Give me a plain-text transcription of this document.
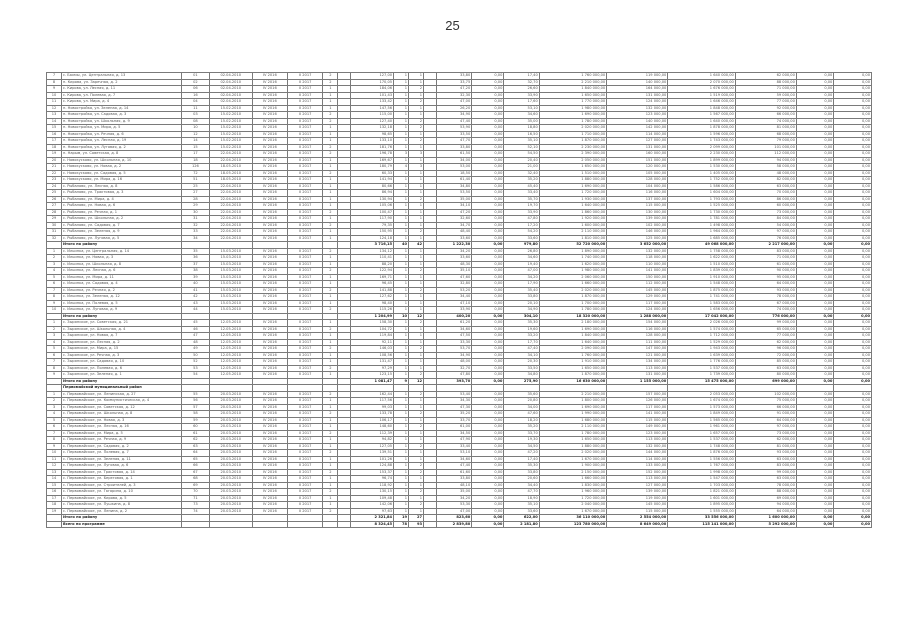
25
7	с. Бахмы, ул. Центральная, д. 13	01	02.04.2010	IV 2016	II 2017	2		127,00	1	1		33,80	0,00	17,40	1 760 000,00	119 000,00	1 640 000,00	62 000,00	0,00	0,00
8	п. Кирова, ул. Заречная, д. 2	02	02.04.2010	IV 2016	II 2017	2		170,05	1	1		33,75	0,00	32,70	2 210 000,00	140 000,00	2 070 000,00	88 000,00	0,00	0,00
9	с. Кирова, ул. Лесная, д. 11	06	02.04.2010	IV 2016	II 2017	1		184,06	1	2		47,20	0,00	26,60	1 840 000,00	164 000,00	1 676 000,00	71 000,00	0,00	0,00
10	с. Кирова, ул. Полевая, д. 7	16	02.04.2010	IV 2016	II 2017	1		101,43	1	1		32,30	0,00	33,90	1 650 000,00	131 000,00	1 519 000,00	59 000,00	0,00	0,00
11	с. Кирова, ул. Мира, д. 4	04	02.04.2010	IV 2016	II 2017	1		133,42	1	2		47,00	0,00	17,60	1 770 000,00	124 000,00	1 646 000,00	77 000,00	0,00	0,00
12	п. Новостройка, ул. Зеленая, д. 14	11	15.02.2010	IV 2016	II 2017	1		147,56	1	1		26,20	0,00	53,10	1 980 000,00	132 000,00	1 848 000,00	92 000,00	0,00	0,00
13	п. Новостройка, ул. Садовая, д. 3	03	15.02.2010	IV 2016	II 2017	2		115,00	1	1		34,90	0,00	34,60	1 690 000,00	123 000,00	1 567 000,00	66 000,00	0,00	0,00
14	п. Новостройка, ул. Школьная, д. 9	08	15.02.2010	IV 2016	II 2017	2		127,40	1	2		47,40	0,00	35,00	1 780 000,00	140 000,00	1 640 000,00	74 000,00	0,00	0,00
15	п. Новостройка, ул. Мира, д. 5	10	15.02.2010	IV 2016	II 2017	1		132,18	1	2		53,90	0,00	18,80	2 020 000,00	142 000,00	1 878 000,00	81 000,00	0,00	0,00
16	п. Новостройка, ул. Речная, д. 6	12	15.02.2010	IV 2016	II 2017	1		98,65	1	1		33,50	0,00	16,50	1 710 000,00	114 000,00	1 596 000,00	68 000,00	0,00	0,00
17	п. Новостройка, ул. Лесная, д. 19	14	15.02.2010	IV 2016	II 2017	1		133,10	1	2		47,70	0,00	35,10	1 870 000,00	127 000,00	1 743 000,00	79 000,00	0,00	0,00
18	п. Новостройка, ул. Луговая, д. 2	15	15.02.2010	IV 2016	II 2017	2		181,76	1	1		33,80	0,00	52,10	2 230 000,00	131 000,00	2 099 000,00	101 000,00	0,00	0,00
19	п. Нарым, ул. Советская, д. 8	17	22.04.2010	IV 2016	II 2017	2		196,78	3	3		61,50	0,00	54,50	2 390 000,00	160 000,00	2 230 000,00	112 000,00	0,00	0,00
20	с. Новокусково, ул. Школьная, д. 10	18	22.04.2010	IV 2016	II 2017	1		169,67	1	1		34,00	0,00	20,40	2 050 000,00	151 000,00	1 899 000,00	94 000,00	0,00	0,00
21	с. Новокусково, ул. Новая, д. 2	126	18.05.2010	IV 2016	II 2017	1		180,79	4	3		53,00	0,00	21,00	1 650 000,00	120 000,00	1 530 000,00	58 000,00	0,00	0,00
22	с. Новокусково, ул. Садовая, д. 5	72	18.05.2010	IV 2016	II 2017	2		60,33	1	1		18,50	0,00	32,40	1 510 000,00	105 000,00	1 405 000,00	48 000,00	0,00	0,00
23	с. Новокусково, ул. Мира, д. 16	51	18.05.2010	IV 2016	II 2017	1		141,94	1	1		61,40	0,00	35,20	1 880 000,00	128 000,00	1 752 000,00	82 000,00	0,00	0,00
24	с. Рыбалово, ул. Лесная, д. 8	25	22.04.2010	IV 2016	II 2017	1		80,66	1	1		34,80	0,00	45,40	1 690 000,00	104 000,00	1 586 000,00	63 000,00	0,00	0,00
25	с. Рыбалово, ул. Трактовая, д. 3	27	22.04.2010	IV 2016	II 2017	1		86,94	1	1		53,50	0,00	33,40	1 720 000,00	116 000,00	1 604 000,00	70 000,00	0,00	0,00
26	с. Рыбалово, ул. Мира, д. 4	28	22.04.2010	IV 2016	II 2017	1		130,94	1	2		35,00	0,00	35,70	1 930 000,00	137 000,00	1 793 000,00	86 000,00	0,00	0,00
27	с. Рыбалово, ул. Новая, д. 6	29	22.04.2010	IV 2016	II 2017	1		105,06	1	1		34,10	0,00	19,70	1 640 000,00	115 000,00	1 525 000,00	60 000,00	0,00	0,00
28	с. Рыбалово, ул. Речная, д. 1	30	22.04.2010	IV 2016	II 2017	2		100,47	1	1		47,20	0,00	33,90	1 860 000,00	130 000,00	1 730 000,00	73 000,00	0,00	0,00
29	с. Рыбалово, ул. Школьная, д. 2	31	22.04.2010	IV 2016	II 2017	1		117,90	1	1		32,60	0,00	47,80	1 920 000,00	139 000,00	1 781 000,00	84 000,00	0,00	0,00
30	с. Рыбалово, ул. Садовая, д. 7	32	22.04.2010	IV 2016	II 2017	2		79,35	1	1		34,70	0,00	17,20	1 600 000,00	102 000,00	1 498 000,00	54 000,00	0,00	0,00
31	с. Рыбалово, ул. Зеленая, д. 9	33	22.04.2010	IV 2016	II 2017	1		150,95	1	2		48,40	0,00	54,20	2 110 000,00	146 000,00	1 964 000,00	97 000,00	0,00	0,00
32	с. Рыбалово, ул. Луговая, д. 5	34	22.04.2010	IV 2016	II 2017	1		124,18	1	1		33,60	0,00	33,60	1 810 000,00	125 000,00	1 685 000,00	76 000,00	0,00	0,00
	Итого по району							3 716,15	40	42		1 222,30	0,00	979,80	52 720 000,00	3 652 000,00	49 068 000,00	2 217 000,00	0,00	0,00
1	с. Ильинка, ул. Центральная, д. 14	35	15.03.2010	IV 2016	II 2017	2		134,12	1	1		34,20	0,00	26,80	1 890 000,00	132 000,00	1 758 000,00	83 000,00	0,00	0,00
2	с. Ильинка, ул. Новая, д. 3	36	15.03.2010	IV 2016	II 2017	1		110,41	1	1		33,60	0,00	34,60	1 740 000,00	118 000,00	1 622 000,00	71 000,00	0,00	0,00
3	с. Ильинка, ул. Школьная, д. 8	37	15.03.2010	IV 2016	II 2017	1		88,20	1	1		48,30	0,00	19,40	1 620 000,00	110 000,00	1 510 000,00	61 000,00	0,00	0,00
4	с. Ильинка, ул. Лесная, д. 6	38	15.03.2010	IV 2016	II 2017	2		122,94	1	2		35,10	0,00	47,00	1 980 000,00	141 000,00	1 839 000,00	90 000,00	0,00	0,00
5	с. Ильинка, ул. Мира, д. 11	39	15.03.2010	IV 2016	II 2017	1		169,71	1	1		47,60	0,00	34,20	2 060 000,00	150 000,00	1 910 000,00	95 000,00	0,00	0,00
6	с. Ильинка, ул. Садовая, д. 4	40	15.03.2010	IV 2016	II 2017	1		96,45	1	1		32,80	0,00	17,90	1 660 000,00	112 000,00	1 548 000,00	64 000,00	0,00	0,00
7	с. Ильинка, ул. Речная, д. 2	41	15.03.2010	IV 2016	II 2017	2		141,88	1	2		53,20	0,00	35,40	2 020 000,00	145 000,00	1 875 000,00	93 000,00	0,00	0,00
8	с. Ильинка, ул. Зеленая, д. 12	42	15.03.2010	IV 2016	II 2017	1		127,62	1	1		34,40	0,00	33,80	1 870 000,00	129 000,00	1 741 000,00	78 000,00	0,00	0,00
9	с. Ильинка, ул. Полевая, д. 5	43	15.03.2010	IV 2016	II 2017	1		98,40	1	1		47,10	0,00	20,10	1 700 000,00	117 000,00	1 583 000,00	67 000,00	0,00	0,00
10	с. Ильинка, ул. Луговая, д. 9	44	15.03.2010	IV 2016	II 2017	2		115,26	1	1		33,90	0,00	34,90	1 780 000,00	124 000,00	1 656 000,00	74 000,00	0,00	0,00
	Итого по району							1 204,99	10	12		400,20	0,00	304,10	18 320 000,00	1 288 000,00	17 042 000,00	776 000,00	0,00	0,00
1	с. Зырянское, ул. Советская, д. 21	45	12.05.2010	IV 2016	II 2017	1		158,30	1	2		61,20	0,00	35,30	2 180 000,00	154 000,00	2 026 000,00	99 000,00	0,00	0,00
2	с. Зырянское, ул. Школьная, д. 4	46	12.05.2010	IV 2016	II 2017	2		104,72	1	1		34,60	0,00	19,60	1 690 000,00	116 000,00	1 574 000,00	65 000,00	0,00	0,00
3	с. Зырянское, ул. Новая, д. 7	47	12.05.2010	IV 2016	II 2017	1		119,84	1	1		47,50	0,00	33,20	1 840 000,00	128 000,00	1 712 000,00	77 000,00	0,00	0,00
4	с. Зырянское, ул. Лесная, д. 2	48	12.05.2010	IV 2016	II 2017	1		92,11	1	1		33,30	0,00	17,70	1 640 000,00	111 000,00	1 529 000,00	62 000,00	0,00	0,00
5	с. Зырянское, ул. Мира, д. 15	49	12.05.2010	IV 2016	II 2017	2		146,03	1	2		53,70	0,00	47,40	2 090 000,00	147 000,00	1 943 000,00	96 000,00	0,00	0,00
6	с. Зырянское, ул. Речная, д. 3	50	12.05.2010	IV 2016	II 2017	1		108,56	1	1		34,90	0,00	34,10	1 760 000,00	121 000,00	1 639 000,00	72 000,00	0,00	0,00
7	с. Зырянское, ул. Садовая, д. 10	52	12.05.2010	IV 2016	II 2017	1		131,47	1	1		48,00	0,00	20,30	1 910 000,00	134 000,00	1 776 000,00	85 000,00	0,00	0,00
8	с. Зырянское, ул. Полевая, д. 6	53	12.05.2010	IV 2016	II 2017	2		97,29	1	1		32,70	0,00	33,50	1 650 000,00	113 000,00	1 537 000,00	63 000,00	0,00	0,00
9	с. Зырянское, ул. Зеленая, д. 1	54	12.05.2010	IV 2016	II 2017	1		123,15	1	2		47,80	0,00	34,80	1 870 000,00	131 000,00	1 739 000,00	80 000,00	0,00	0,00
	Итого по району							1 081,47	9	12		393,70	0,00	275,90	16 630 000,00	1 155 000,00	15 475 000,00	699 000,00	0,00	0,00
	Первомайский муниципальный район																			
1	с. Первомайское, ул. Ленинская, д. 27	55	20.03.2010	IV 2016	II 2017	2		162,44	1	2		53,40	0,00	35,60	2 210 000,00	157 000,00	2 053 000,00	102 000,00	0,00	0,00
2	с. Первомайское, ул. Коммунистическая, д. 4	56	20.03.2010	IV 2016	II 2017	1		117,56	1	1		34,30	0,00	20,80	1 800 000,00	126 000,00	1 674 000,00	75 000,00	0,00	0,00
3	с. Первомайское, ул. Советская, д. 12	57	20.03.2010	IV 2016	II 2017	1		99,03	1	1		47,30	0,00	34,00	1 690 000,00	117 000,00	1 573 000,00	66 000,00	0,00	0,00
4	с. Первомайское, ул. Школьная, д. 8	58	20.03.2010	IV 2016	II 2017	2		133,78	1	2		35,20	0,00	47,60	1 990 000,00	141 000,00	1 849 000,00	91 000,00	0,00	0,00
5	с. Первомайское, ул. Новая, д. 3	59	20.03.2010	IV 2016	II 2017	1		106,17	1	1		33,70	0,00	18,20	1 680 000,00	115 000,00	1 565 000,00	64 000,00	0,00	0,00
6	с. Первомайское, ул. Лесная, д. 16	60	20.03.2010	IV 2016	II 2017	1		148,60	1	2		61,00	0,00	35,20	2 110 000,00	149 000,00	1 961 000,00	97 000,00	0,00	0,00
7	с. Первомайское, ул. Мира, д. 5	61	20.03.2010	IV 2016	II 2017	2		112,39	1	1		34,50	0,00	33,70	1 780 000,00	123 000,00	1 657 000,00	73 000,00	0,00	0,00
8	с. Первомайское, ул. Речная, д. 9	62	20.03.2010	IV 2016	II 2017	1		94,82	1	1		47,90	0,00	19,30	1 650 000,00	113 000,00	1 537 000,00	62 000,00	0,00	0,00
9	с. Первомайское, ул. Садовая, д. 2	63	20.03.2010	IV 2016	II 2017	1		127,05	1	2		33,40	0,00	34,50	1 880 000,00	132 000,00	1 748 000,00	81 000,00	0,00	0,00
10	с. Первомайское, ул. Полевая, д. 7	64	20.03.2010	IV 2016	II 2017	2		139,51	1	1		53,10	0,00	47,20	2 020 000,00	144 000,00	1 876 000,00	93 000,00	0,00	0,00
11	с. Первомайское, ул. Зеленая, д. 11	65	20.03.2010	IV 2016	II 2017	1		101,26	1	1		34,60	0,00	17,40	1 670 000,00	114 000,00	1 556 000,00	63 000,00	0,00	0,00
12	с. Первомайское, ул. Луговая, д. 6	66	20.03.2010	IV 2016	II 2017	1		124,88	1	2		47,40	0,00	35,30	1 900 000,00	133 000,00	1 767 000,00	83 000,00	0,00	0,00
13	с. Первомайское, ул. Трактовая, д. 14	67	20.03.2010	IV 2016	II 2017	2		153,37	1	2		61,60	0,00	33,80	2 150 000,00	152 000,00	1 998 000,00	99 000,00	0,00	0,00
14	с. Первомайское, ул. Береговая, д. 1	68	20.03.2010	IV 2016	II 2017	1		96,74	1	1		33,80	0,00	20,60	1 660 000,00	113 000,00	1 547 000,00	63 000,00	0,00	0,00
15	с. Первомайское, ул. Строителей, д. 3	69	20.03.2010	IV 2016	II 2017	1		118,92	1	1		48,10	0,00	34,40	1 830 000,00	127 000,00	1 703 000,00	78 000,00	0,00	0,00
16	с. Первомайское, ул. Гагарина, д. 10	70	20.03.2010	IV 2016	II 2017	2		130,15	1	2		35,00	0,00	47,70	1 960 000,00	139 000,00	1 821 000,00	88 000,00	0,00	0,00
17	с. Первомайское, ул. Кирова, д. 5	71	20.03.2010	IV 2016	II 2017	1		109,48	1	1		34,20	0,00	18,90	1 720 000,00	119 000,00	1 601 000,00	69 000,00	0,00	0,00
18	с. Первомайское, ул. Пушкина, д. 8	73	20.03.2010	IV 2016	II 2017	1		142,06	1	2		53,30	0,00	35,10	2 040 000,00	145 000,00	1 895 000,00	94 000,00	0,00	0,00
19	с. Первомайское, ул. Ленина, д. 2	74	20.03.2010	IV 2016	II 2017	2		97,63	1	1		47,00	0,00	33,60	1 670 000,00	115 000,00	1 555 000,00	64 000,00	0,00	0,00
	Итого по району							2 321,84	19	27		823,60	0,00	622,00	36 110 000,00	2 554 000,00	33 556 000,00	1 600 000,00	0,00	0,00
	Всего по программе							8 324,45	78	93		2 839,80	0,00	2 181,80	123 780 000,00	8 649 000,00	115 141 000,00	5 292 000,00	0,00	0,00
